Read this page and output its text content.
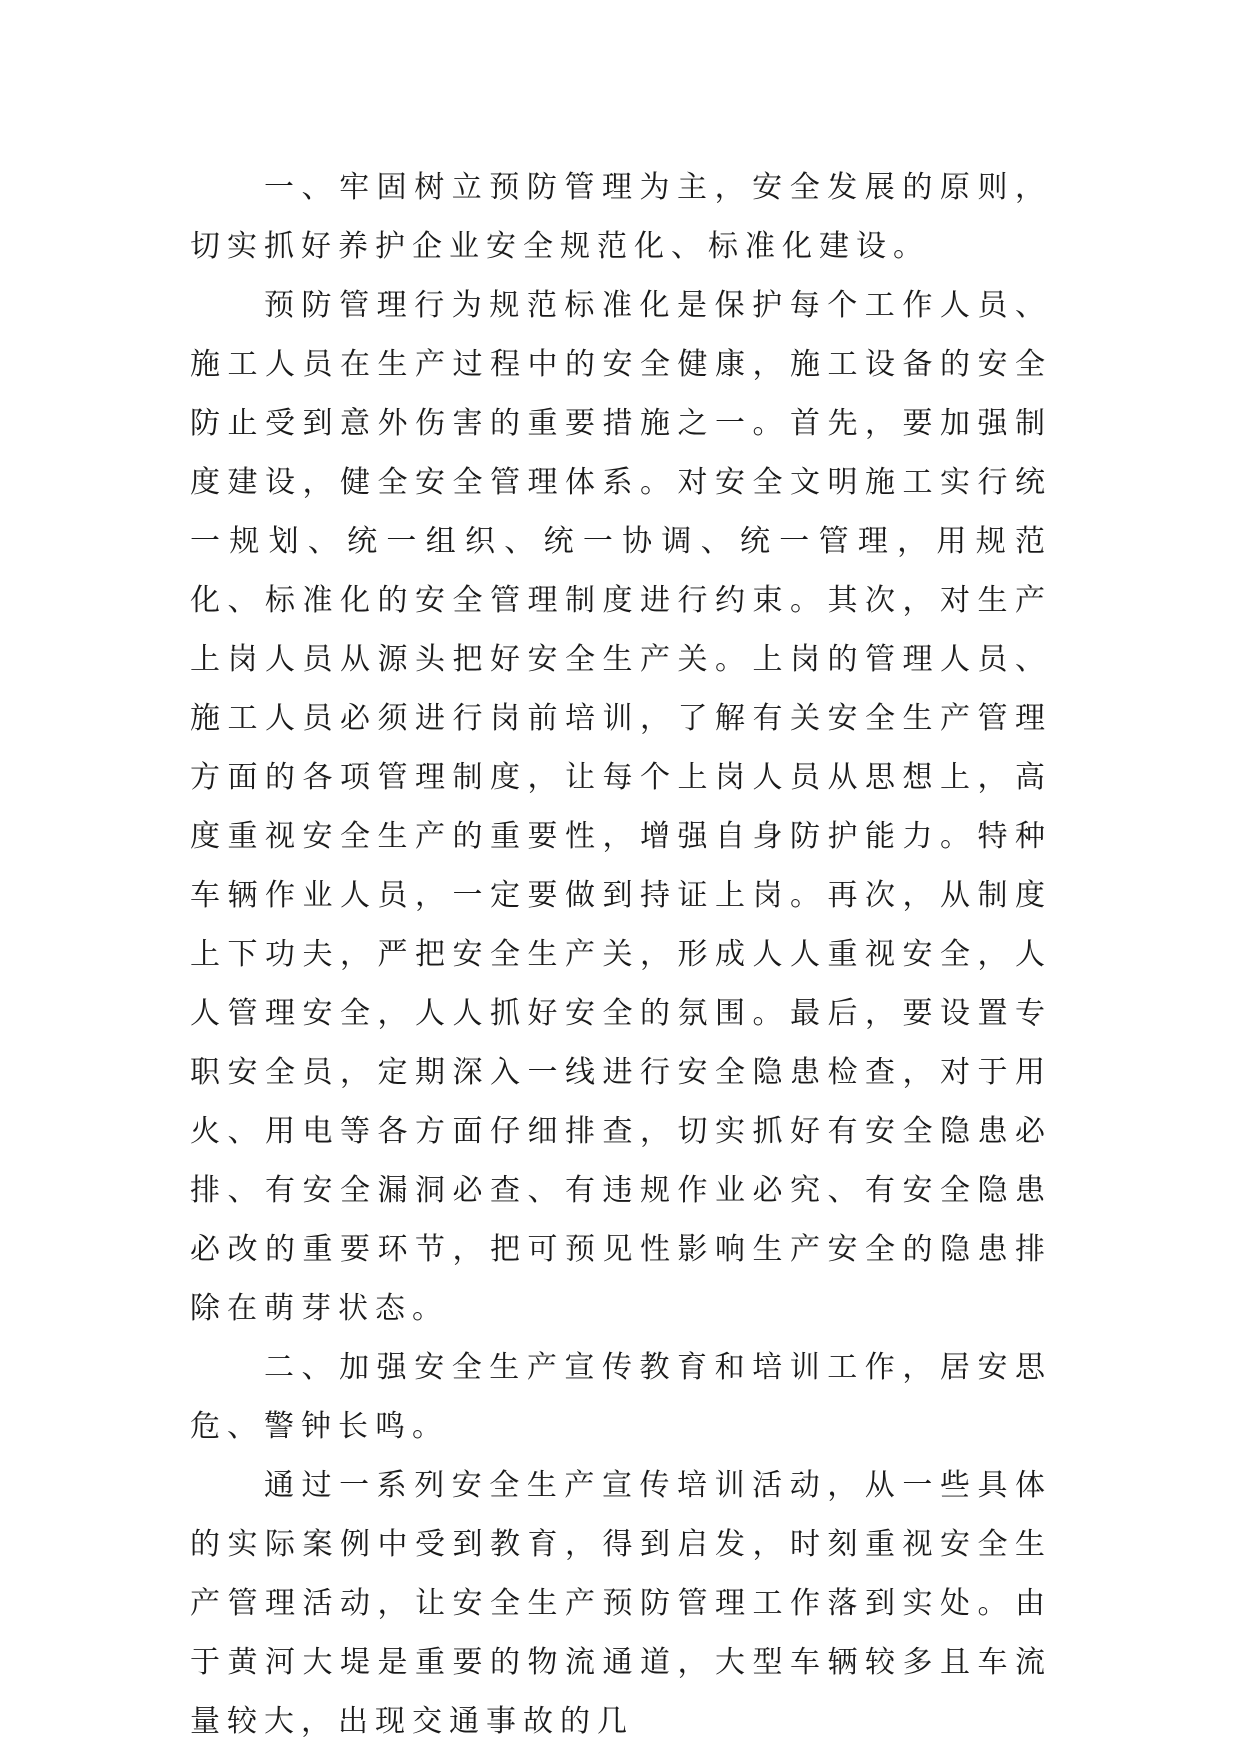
一、牢固树立预防管理为主，安全发展的原则，切实抓好养护企业安全规范化、标准化建设。

预防管理行为规范标准化是保护每个工作人员、施工人员在生产过程中的安全健康，施工设备的安全防止受到意外伤害的重要措施之一。首先，要加强制度建设，健全安全管理体系。对安全文明施工实行统一规划、统一组织、统一协调、统一管理，用规范化、标准化的安全管理制度进行约束。其次，对生产上岗人员从源头把好安全生产关。上岗的管理人员、施工人员必须进行岗前培训，了解有关安全生产管理方面的各项管理制度，让每个上岗人员从思想上，高度重视安全生产的重要性，增强自身防护能力。特种车辆作业人员，一定要做到持证上岗。再次，从制度上下功夫，严把安全生产关，形成人人重视安全，人人管理安全，人人抓好安全的氛围。最后，要设置专职安全员，定期深入一线进行安全隐患检查，对于用火、用电等各方面仔细排查，切实抓好有安全隐患必排、有安全漏洞必查、有违规作业必究、有安全隐患必改的重要环节，把可预见性影响生产安全的隐患排除在萌芽状态。

二、加强安全生产宣传教育和培训工作，居安思危、警钟长鸣。

通过一系列安全生产宣传培训活动，从一些具体的实际案例中受到教育，得到启发，时刻重视安全生产管理活动，让安全生产预防管理工作落到实处。由于黄河大堤是重要的物流通道，大型车辆较多且车流量较大，出现交通事故的几
